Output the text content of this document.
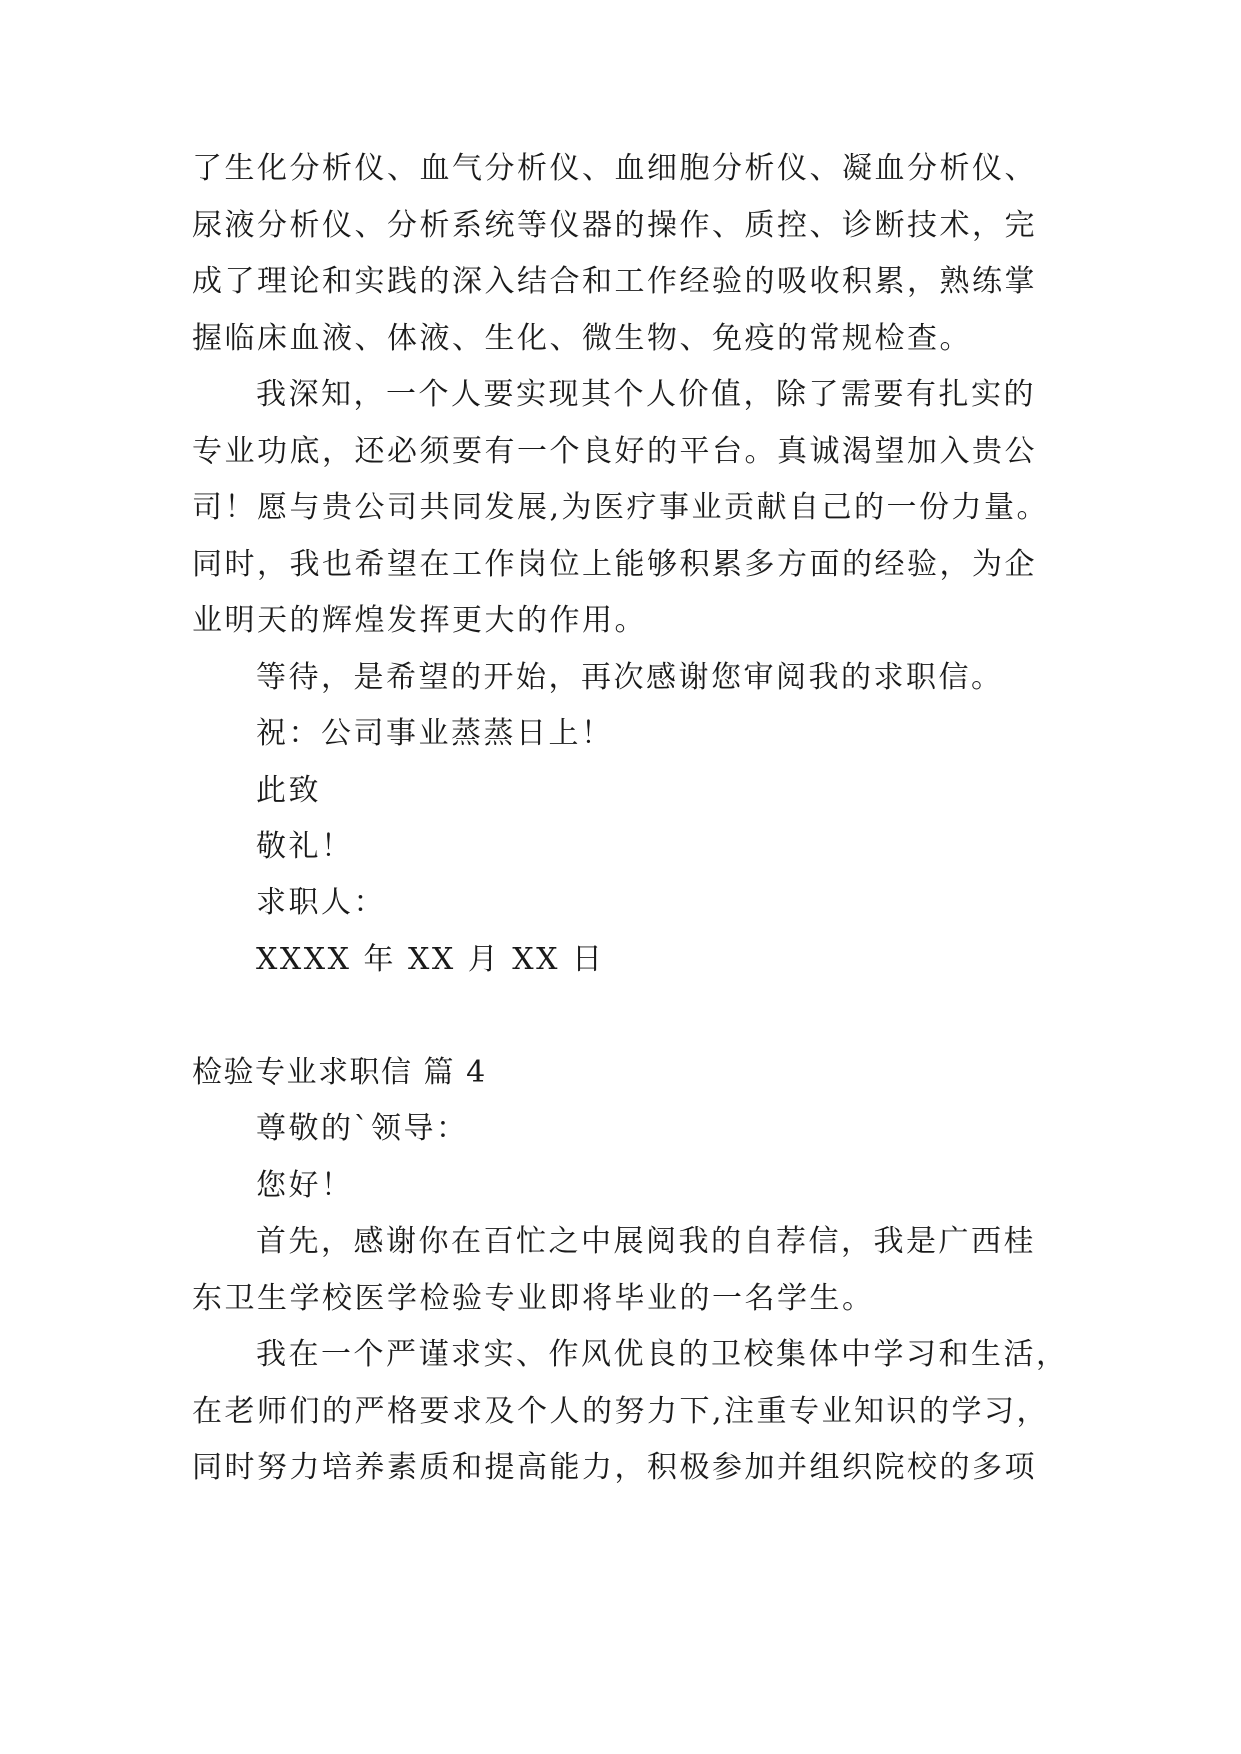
了生化分析仪、血气分析仪、血细胞分析仪、凝血分析仪、
尿液分析仪、分析系统等仪器的操作、质控、诊断技术，完
成了理论和实践的深入结合和工作经验的吸收积累，熟练掌
握临床血液、体液、生化、微生物、免疫的常规检查。
我深知，一个人要实现其个人价值，除了需要有扎实的
专业功底，还必须要有一个良好的平台。真诚渴望加入贵公
司！愿与贵公司共同发展,为医疗事业贡献自己的一份力量。
同时，我也希望在工作岗位上能够积累多方面的经验，为企
业明天的辉煌发挥更大的作用。
等待，是希望的开始，再次感谢您审阅我的求职信。
祝：公司事业蒸蒸日上！
此致
敬礼！
求职人：
XXXX 年 XX 月 XX 日
检验专业求职信 篇 4
尊敬的`领导：
您好！
首先，感谢你在百忙之中展阅我的自荐信，我是广西桂
东卫生学校医学检验专业即将毕业的一名学生。
我在一个严谨求实、作风优良的卫校集体中学习和生活，
在老师们的严格要求及个人的努力下,注重专业知识的学习，
同时努力培养素质和提高能力，积极参加并组织院校的多项
